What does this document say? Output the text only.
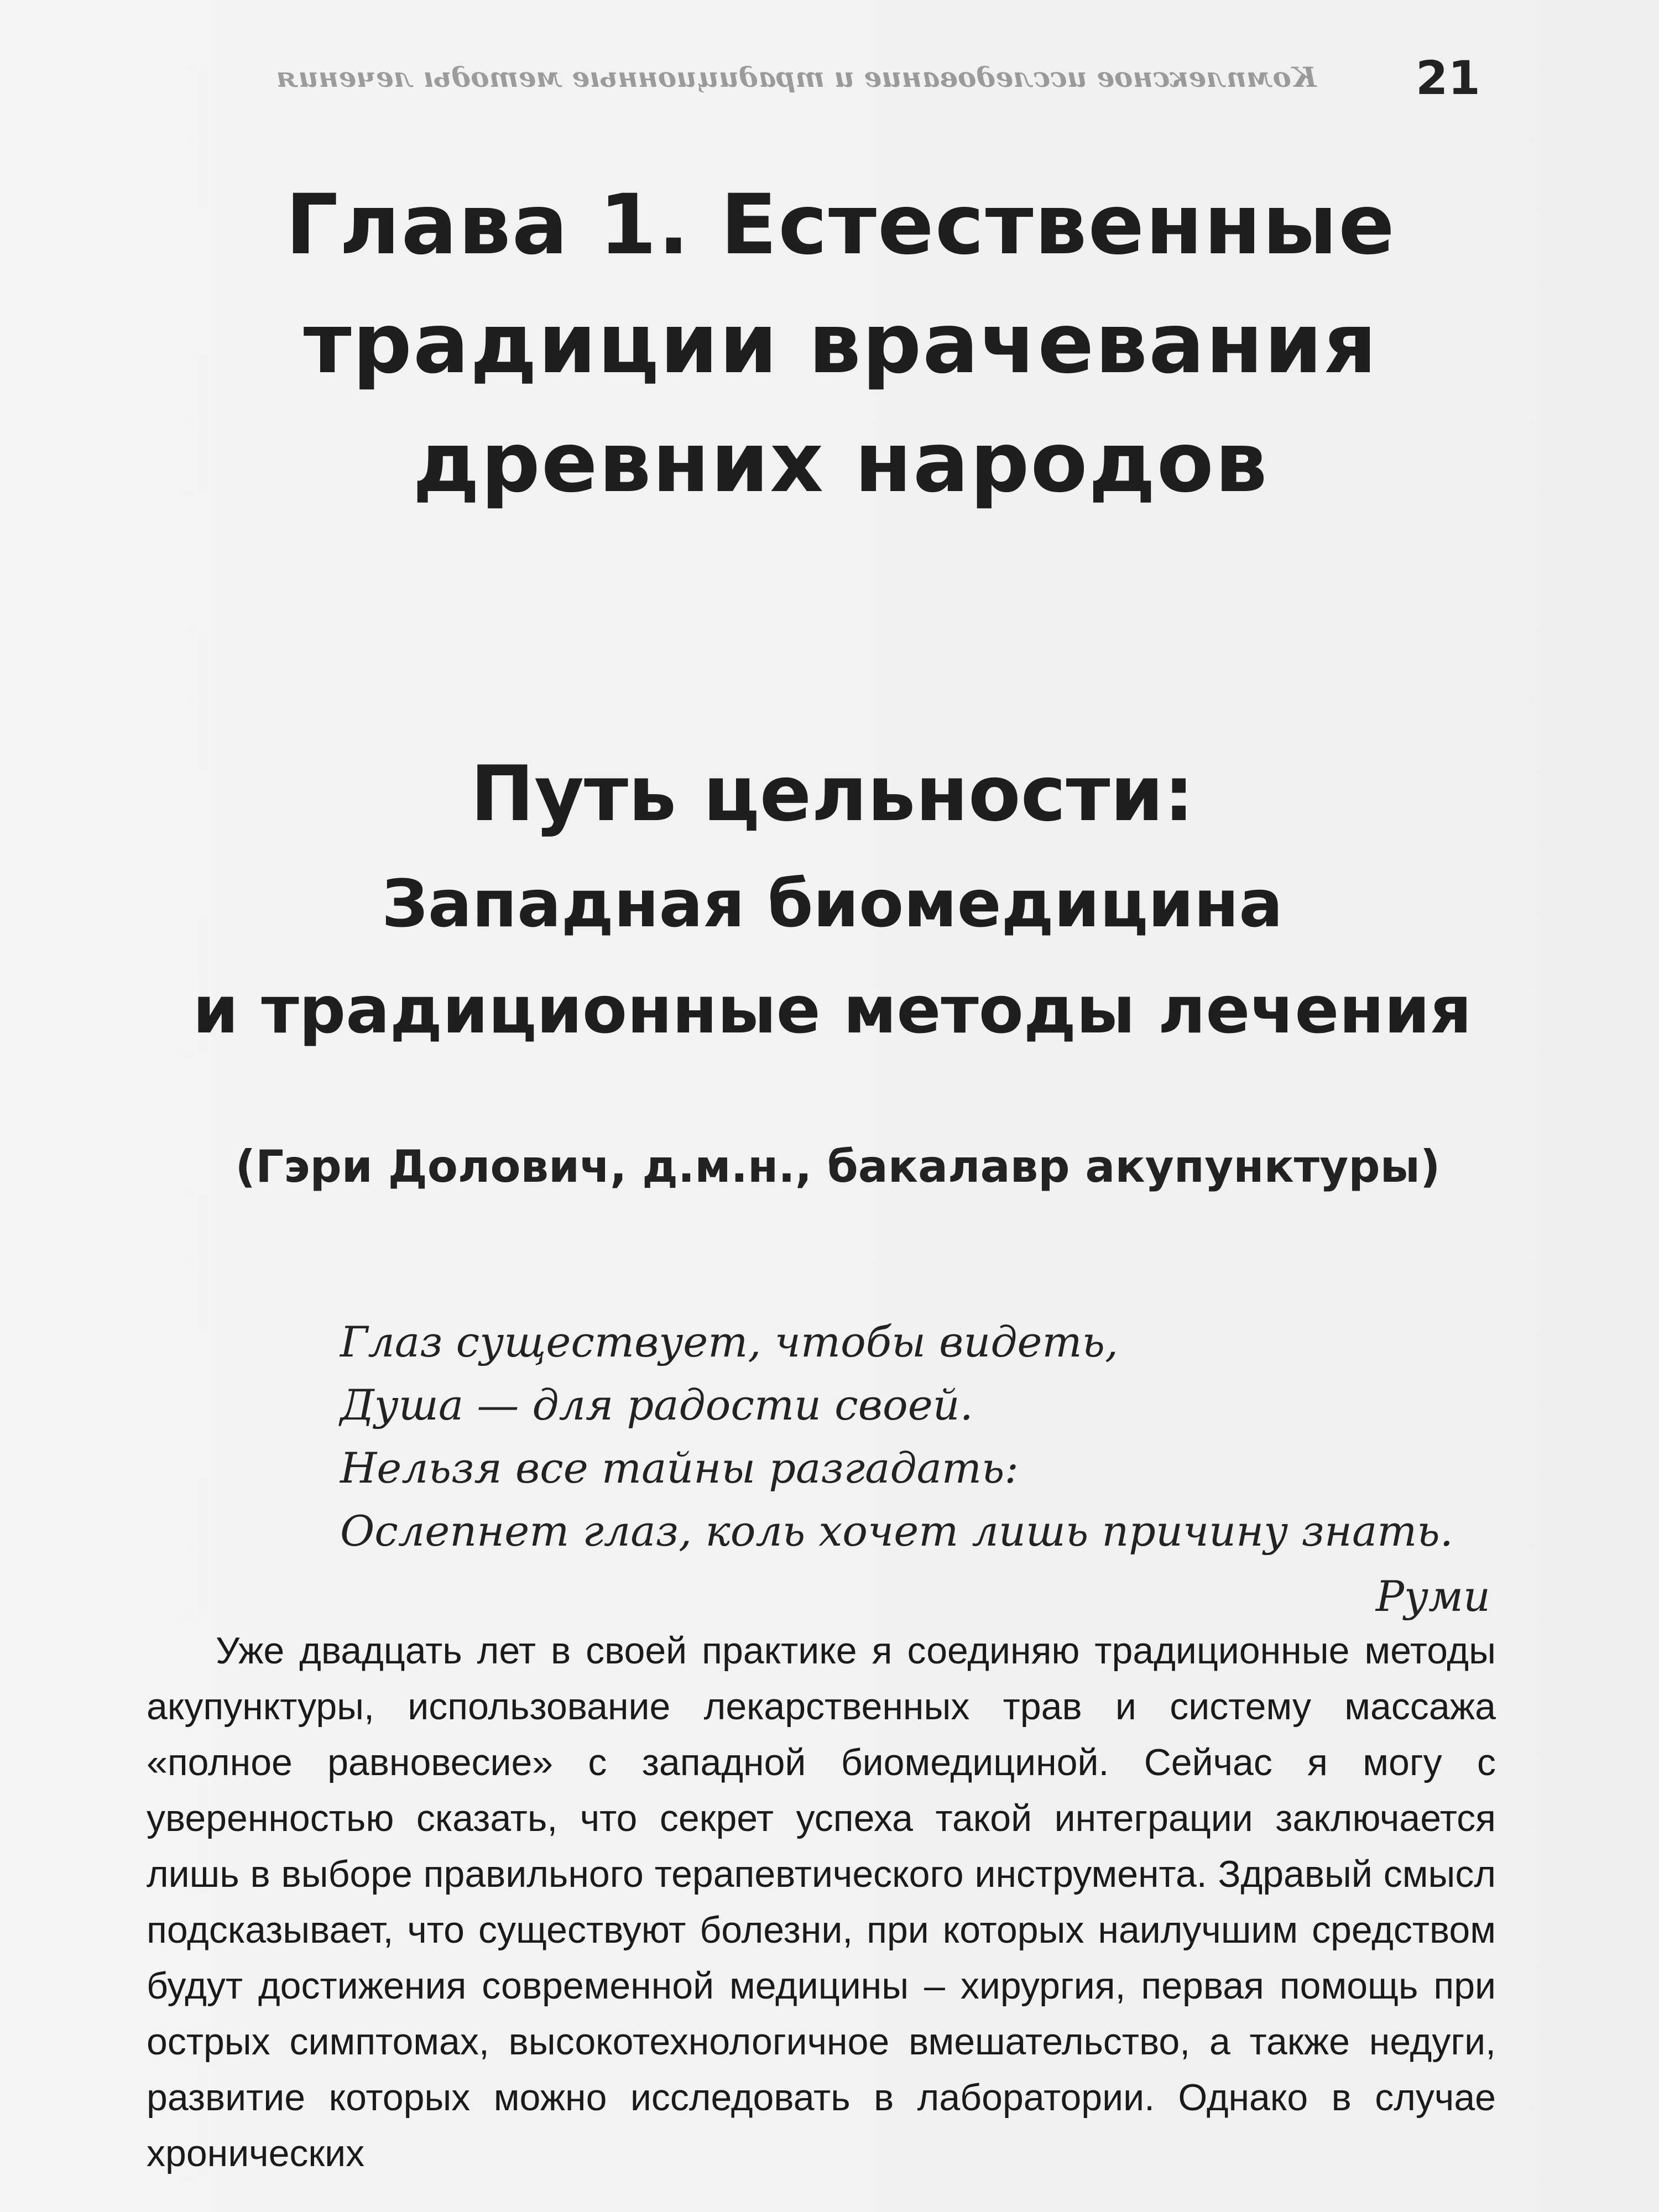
Комплексное исследование и традиционные методы лечения	21
Глава 1. Естественные традиции врачевания древних народов
Путь цельности:
Западная биомедицина
и традиционные методы лечения
(Гэри Долович, д.м.н., бакалавр акупунктуры)
Глаз существует, чтобы видеть,
Душа — для радости своей.
Нельзя все тайны разгадать:
Ослепнет глаз, коль хочет лишь причину знать.
Руми

Уже двадцать лет в своей практике я соединяю традиционные методы акупунктуры, использование лекарственных трав и систему массажа «полное равновесие» с западной биомедициной. Сейчас я могу с уверенностью сказать, что секрет успеха такой интеграции заключается лишь в выборе правильного терапевтического инструмента. Здравый смысл подсказывает, что существуют болезни, при которых наилучшим средством будут достижения современной медицины – хирургия, первая помощь при острых симптомах, высокотехнологичное вмешательство, а также недуги, развитие которых можно исследовать в лаборатории. Однако в случае хронических
